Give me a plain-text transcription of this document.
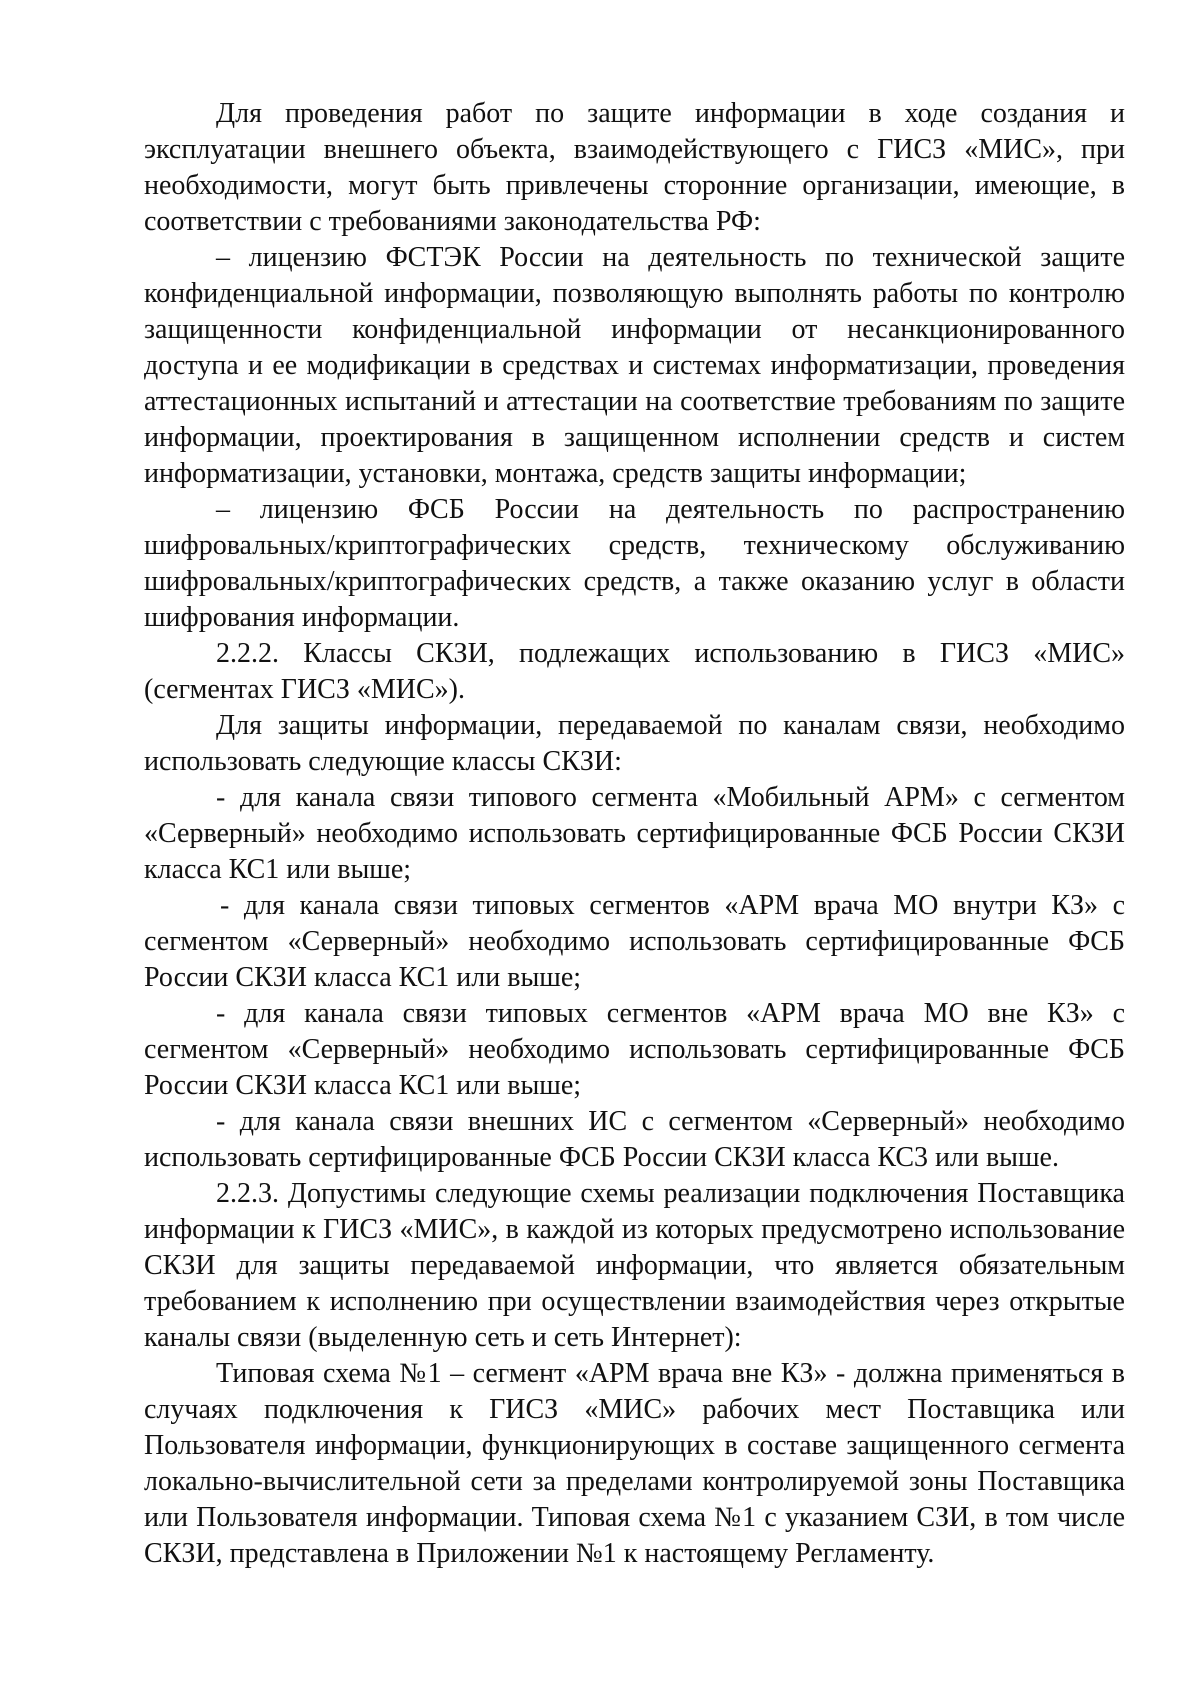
Для проведения работ по защите информации в ходе создания и эксплуатации внешнего объекта, взаимодействующего с ГИСЗ «МИС», при необходимости, могут быть привлечены сторонние организации, имеющие, в соответствии с требованиями законодательства РФ:

– лицензию ФСТЭК России на деятельность по технической защите конфиденциальной информации, позволяющую выполнять работы по контролю защищенности конфиденциальной информации от несанкционированного доступа и ее модификации в средствах и системах информатизации, проведения аттестационных испытаний и аттестации на соответствие требованиям по защите информации, проектирования в защищенном исполнении средств и систем информатизации, установки, монтажа, средств защиты информации;

– лицензию ФСБ России на деятельность по распространению шифровальных/криптографических средств, техническому обслуживанию шифровальных/криптографических средств, а также оказанию услуг в области шифрования информации.

2.2.2. Классы СКЗИ, подлежащих использованию в ГИСЗ «МИС» (сегментах ГИСЗ «МИС»).

Для защиты информации, передаваемой по каналам связи, необходимо использовать следующие классы СКЗИ:

- для канала связи типового сегмента «Мобильный АРМ» с сегментом «Серверный» необходимо использовать сертифицированные ФСБ России СКЗИ класса КС1 или выше;

- для канала связи типовых сегментов «АРМ врача МО внутри КЗ» с сегментом «Серверный» необходимо использовать сертифицированные ФСБ России СКЗИ класса КС1 или выше;

- для канала связи типовых сегментов «АРМ врача МО вне КЗ» с сегментом «Серверный» необходимо использовать сертифицированные ФСБ России СКЗИ класса КС1 или выше;

- для канала связи внешних ИС с сегментом «Серверный» необходимо использовать сертифицированные ФСБ России СКЗИ класса КС3 или выше.

2.2.3. Допустимы следующие схемы реализации подключения Поставщика информации к ГИСЗ «МИС», в каждой из которых предусмотрено использование СКЗИ для защиты передаваемой информации, что является обязательным требованием к исполнению при осуществлении взаимодействия через открытые каналы связи (выделенную сеть и сеть Интернет):

Типовая схема №1 – сегмент «АРМ врача вне КЗ» - должна применяться в случаях подключения к ГИСЗ «МИС» рабочих мест Поставщика или Пользователя информации, функционирующих в составе защищенного сегмента локально-вычислительной сети за пределами контролируемой зоны Поставщика или Пользователя информации. Типовая схема №1 с указанием СЗИ, в том числе СКЗИ, представлена в Приложении №1 к настоящему Регламенту.
